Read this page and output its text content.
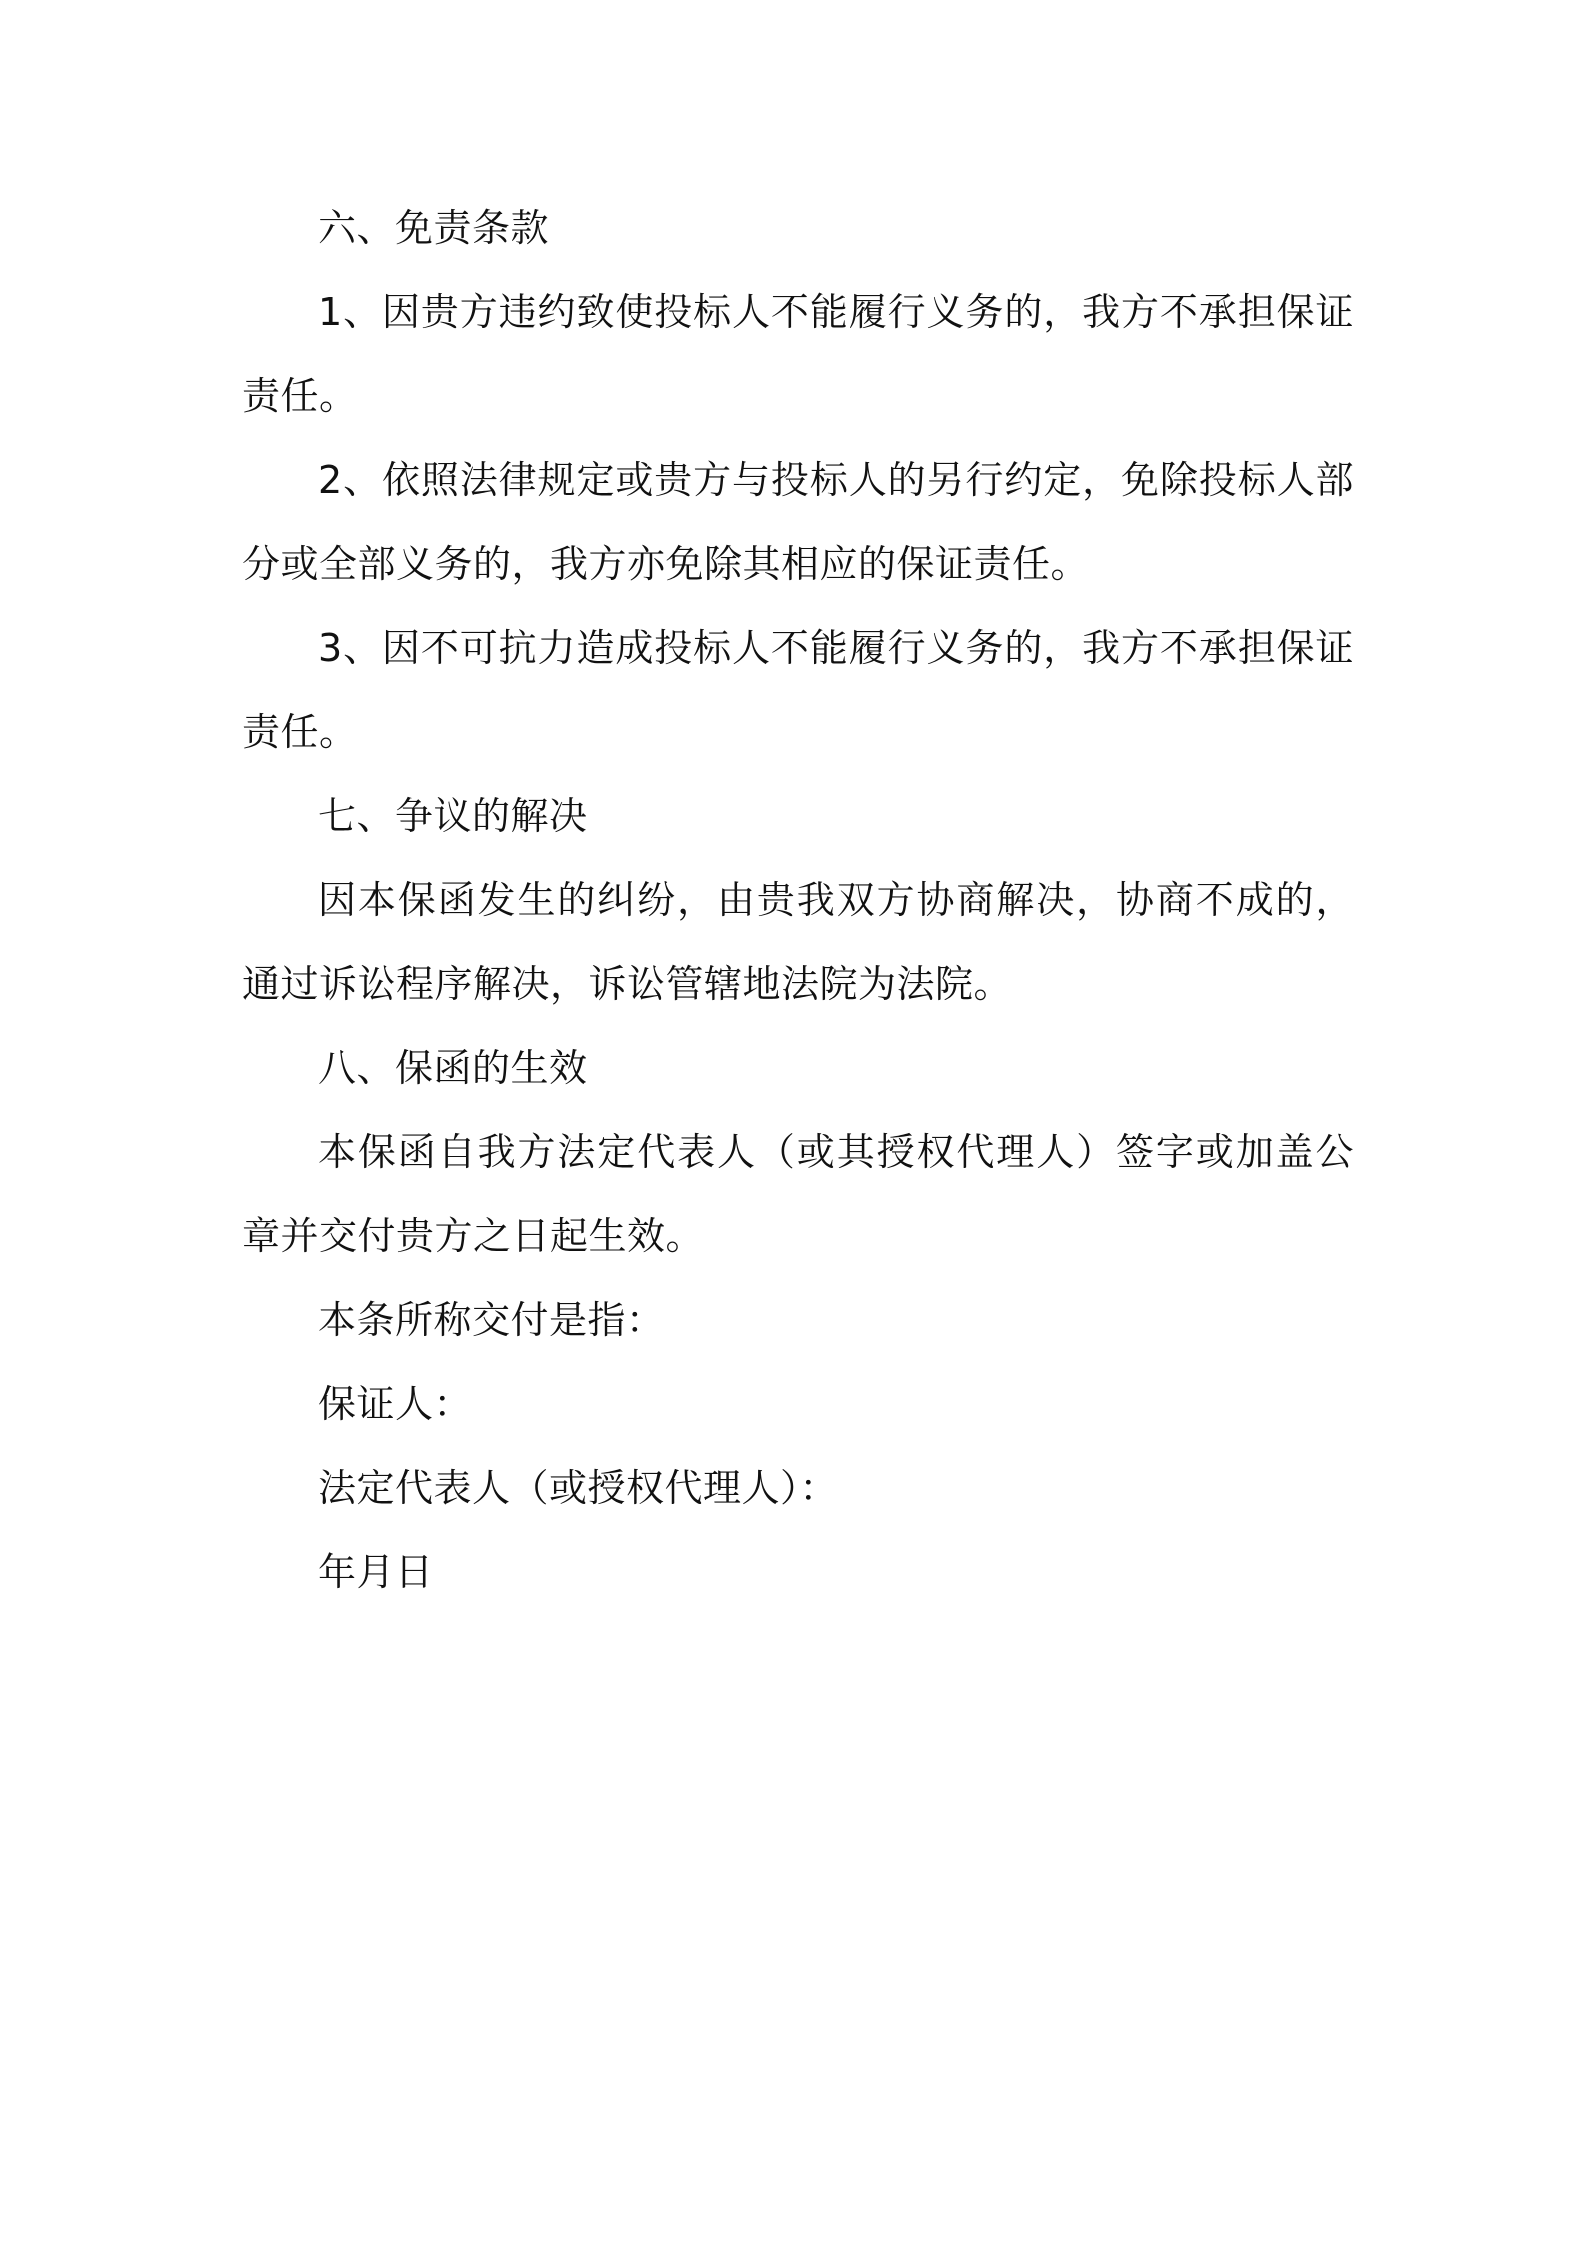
六、免责条款

1、因贵方违约致使投标人不能履行义务的，我方不承担保证责任。

2、依照法律规定或贵方与投标人的另行约定，免除投标人部分或全部义务的，我方亦免除其相应的保证责任。

3、因不可抗力造成投标人不能履行义务的，我方不承担保证责任。

七、争议的解决

因本保函发生的纠纷，由贵我双方协商解决，协商不成的，通过诉讼程序解决，诉讼管辖地法院为法院。

八、保函的生效

本保函自我方法定代表人（或其授权代理人）签字或加盖公章并交付贵方之日起生效。

本条所称交付是指：

保证人：

法定代表人（或授权代理人）：

年月日
